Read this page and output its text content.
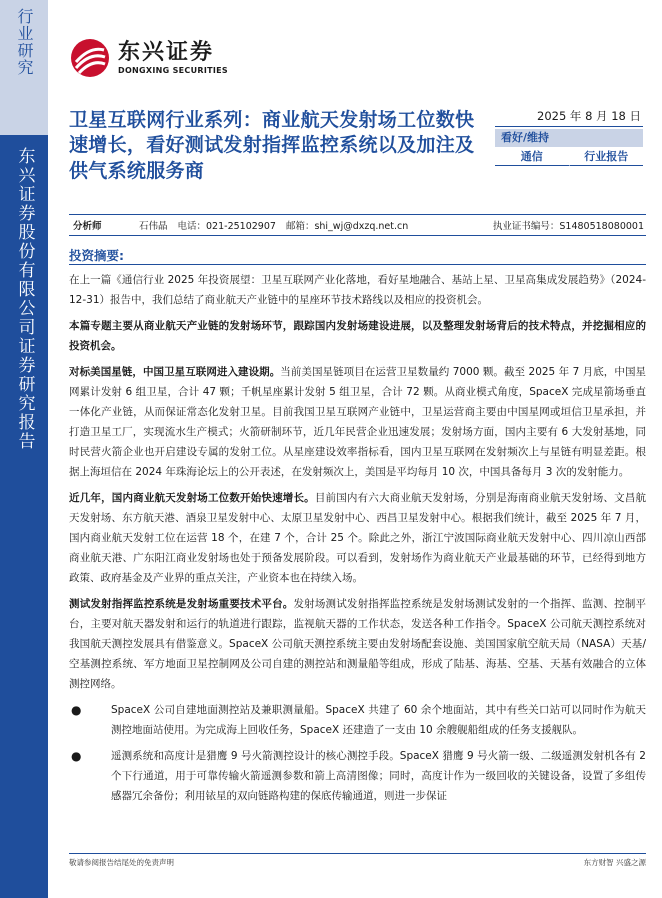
行业研究
东兴证券股份有限公司证券研究报告
东兴证券
DONGXING SECURITIES
卫星互联网行业系列：商业航天发射场工位数快速增长，看好测试发射指挥监控系统以及加注及供气系统服务商
2025 年 8 月 18 日
看好/维持
通信	行业报告
分析师	石伟晶 电话：021-25102907 邮箱：shi_wj@dxzq.net.cn	执业证书编号：S1480518080001
投资摘要:

在上一篇《通信行业 2025 年投资展望：卫星互联网产业化落地，看好星地融合、基站上星、卫星高集成发展趋势》（2024-12-31）报告中，我们总结了商业航天产业链中的星座环节技术路线以及相应的投资机会。

本篇专题主要从商业航天产业链的发射场环节，跟踪国内发射场建设进展，以及整理发射场背后的技术特点，并挖掘相应的投资机会。

对标美国星链，中国卫星互联网进入建设期。当前美国星链项目在运营卫星数量约 7000 颗。截至 2025 年 7 月底，中国星网累计发射 6 组卫星，合计 47 颗；千帆星座累计发射 5 组卫星，合计 72 颗。从商业模式角度，SpaceX 完成星箭场垂直一体化产业链，从而保证常态化发射卫星。目前我国卫星互联网产业链中，卫星运营商主要由中国星网或垣信卫星承担，并打造卫星工厂，实现流水生产模式；火箭研制环节，近几年民营企业迅速发展；发射场方面，国内主要有 6 大发射基地，同时民营火箭企业也开启建设专属的发射工位。从星座建设效率指标看，国内卫星互联网在发射频次上与星链有明显差距。根据上海垣信在 2024 年珠海论坛上的公开表述，在发射频次上，美国是平均每月 10 次，中国具备每月 3 次的发射能力。

近几年，国内商业航天发射场工位数开始快速增长。目前国内有六大商业航天发射场，分别是海南商业航天发射场、文昌航天发射场、东方航天港、酒泉卫星发射中心、太原卫星发射中心、西昌卫星发射中心。根据我们统计，截至 2025 年 7 月，国内商业航天发射工位在运营 18 个，在建 7 个，合计 25 个。除此之外，浙江宁波国际商业航天发射中心、四川凉山西部商业航天港、广东阳江商业发射场也处于预备发展阶段。可以看到，发射场作为商业航天产业最基础的环节，已经得到地方政策、政府基金及产业界的重点关注，产业资本也在持续入场。

测试发射指挥监控系统是发射场重要技术平台。发射场测试发射指挥监控系统是发射场测试发射的一个指挥、监测、控制平台，主要对航天器发射和运行的轨道进行跟踪，监视航天器的工作状态，发送各种工作指令。SpaceX 公司航天测控系统对我国航天测控发展具有借鉴意义。SpaceX 公司航天测控系统主要由发射场配套设施、美国国家航空航天局（NASA）天基/空基测控系统、军方地面卫星控制网及公司自建的测控站和测量船等组成，形成了陆基、海基、空基、天基有效融合的立体测控网络。

●	SpaceX 公司自建地面测控站及兼职测量船。SpaceX 共建了 60 余个地面站，其中有些关口站可以同时作为航天测控地面站使用。为完成海上回收任务，SpaceX 还建造了一支由 10 余艘舰船组成的任务支援舰队。
●	遥测系统和高度计是猎鹰 9 号火箭测控设计的核心测控手段。SpaceX 猎鹰 9 号火箭一级、二级遥测发射机各有 2 个下行通道，用于可靠传输火箭遥测参数和箭上高清图像；同时，高度计作为一级回收的关键设备，设置了多组传感器冗余备份；利用铱星的双向链路构建的保底传输通道，则进一步保证
敬请参阅报告结尾处的免责声明	东方财智 兴盛之源
